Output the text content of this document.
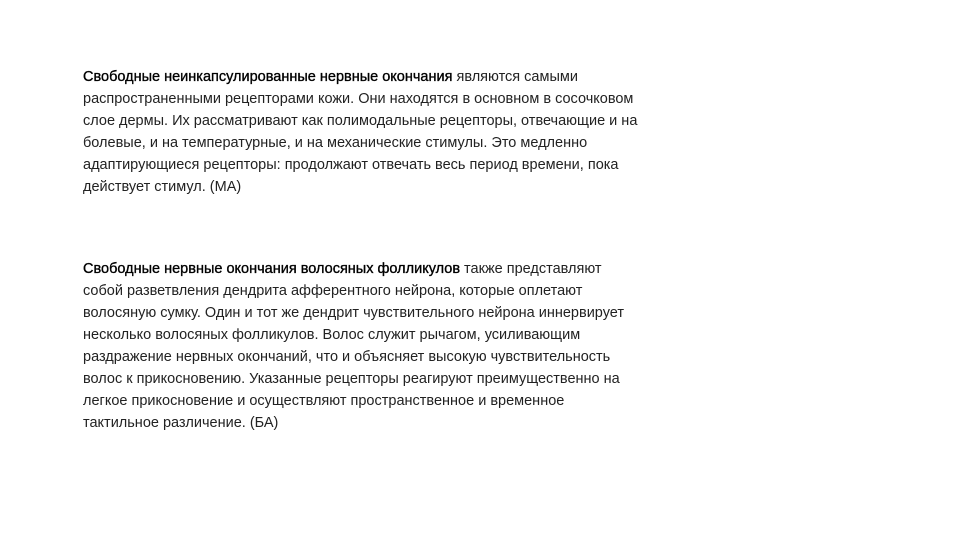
Свободные неинкапсулированные нервные окончания являются самыми
распространенными рецепторами кожи. Они находятся в основном в сосочковом
слое дермы. Их рассматривают как полимодальные рецепторы, отвечающие и на
болевые, и на температурные, и на механические стимулы. Это медленно
адаптирующиеся рецепторы: продолжают отвечать весь период времени, пока
действует стимул. (МА)

Свободные нервные окончания волосяных фолликулов также представляют
собой разветвления дендрита афферентного нейрона, которые оплетают
волосяную сумку. Один и тот же дендрит чувствительного нейрона иннервирует
несколько волосяных фолликулов. Волос служит рычагом, усиливающим
раздражение нервных окончаний, что и объясняет высокую чувствительность
волос к прикосновению. Указанные рецепторы реагируют преимущественно на
легкое прикосновение и осуществляют пространственное и временное
тактильное различение. (БА)
